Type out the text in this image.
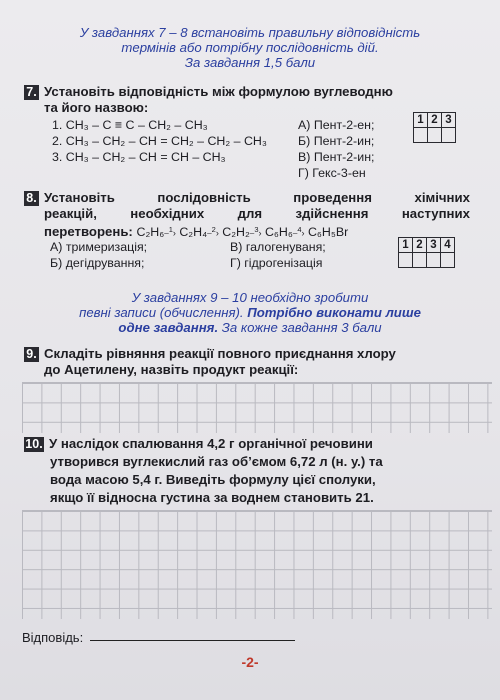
У завданнях 7 – 8 встановіть правильну відповідність
термінів або потрібну послідовність дій.
За завдання 1,5 бали
7. Установіть відповідність між формулою вуглеводню
та його назвою:
1. CH₃ – C ≡ C – CH₂ – CH₃
2. CH₃ – CH₂ – CH = CH₂ – CH₂ – CH₃
3. CH₃ – CH₂ – CH = CH – CH₃
А) Пент-2-ен;
Б) Пент-2-ин;
В) Пент-2-ин;
Г) Гекс-3-ен
1	2	3

8. Установіть	послідовність	проведення	хімічних
реакцій,	необхідних	для	здійснення	наступних
перетворень: C₂H₆⎯$^1$› C₂H₄⎯$^2$› C₂H₂⎯$^3$› C₆H₆⎯$^4$› C₆H₅Br
А) тримеризація;
Б) дегідрування;
В) галогенуваня;
Г) гідрогенізація
1	2	3	4

У завданнях 9 – 10 необхідно зробити
певні записи (обчислення). Потрібно виконати лише
одне завдання. За кожне завдання 3 бали
9. Складіть рівняння реакції повного приєднання хлору
до Ацетилену, назвіть продукт реакції:
10. У наслідок спалювання 4,2 г органічної речовини
утворився вуглекислий газ об’ємом 6,72 л (н. у.) та
вода масою 5,4 г. Виведіть формулу цієї сполуки,
якщо її відносна густина за воднем становить 21.
Відповідь:
-2-
